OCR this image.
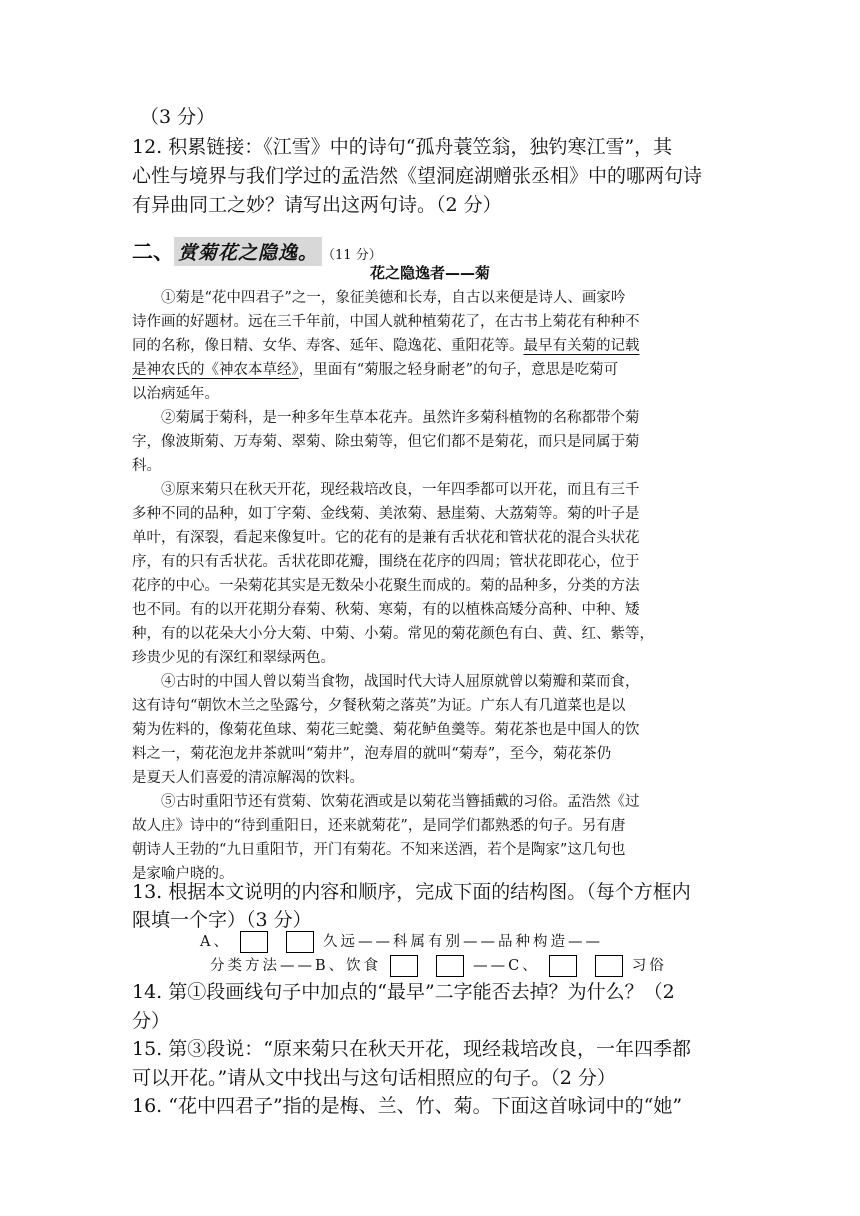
（3 分）
12. 积累链接：《江雪》中的诗句“孤舟蓑笠翁，独钓寒江雪”，其
心性与境界与我们学过的孟浩然《望洞庭湖赠张丞相》中的哪两句诗
有异曲同工之妙？请写出这两句诗。（2 分）
二、 赏菊花之隐逸。 （11 分）
花之隐逸者——菊
①菊是“花中四君子”之一，象征美德和长寿，自古以来便是诗人、画家吟
诗作画的好题材。远在三千年前，中国人就种植菊花了，在古书上菊花有种种不
同的名称，像日精、女华、寿客、延年、隐逸花、重阳花等。最早有关菊的记载
是神农氏的《神农本草经》，里面有“菊服之轻身耐老”的句子，意思是吃菊可
以治病延年。
②菊属于菊科，是一种多年生草本花卉。虽然许多菊科植物的名称都带个菊
字，像波斯菊、万寿菊、翠菊、除虫菊等，但它们都不是菊花，而只是同属于菊
科。
③原来菊只在秋天开花，现经栽培改良，一年四季都可以开花，而且有三千
多种不同的品种，如丁字菊、金线菊、美浓菊、悬崖菊、大荔菊等。菊的叶子是
单叶，有深裂，看起来像复叶。它的花有的是兼有舌状花和管状花的混合头状花
序，有的只有舌状花。舌状花即花瓣，围绕在花序的四周；管状花即花心，位于
花序的中心。一朵菊花其实是无数朵小花聚生而成的。菊的品种多，分类的方法
也不同。有的以开花期分春菊、秋菊、寒菊，有的以植株高矮分高种、中种、矮
种，有的以花朵大小分大菊、中菊、小菊。常见的菊花颜色有白、黄、红、紫等，
珍贵少见的有深红和翠绿两色。
④古时的中国人曾以菊当食物，战国时代大诗人屈原就曾以菊瓣和菜而食，
这有诗句“朝饮木兰之坠露兮，夕餐秋菊之落英”为证。广东人有几道菜也是以
菊为佐料的，像菊花鱼球、菊花三蛇羹、菊花鲈鱼羹等。菊花茶也是中国人的饮
料之一，菊花泡龙井茶就叫“菊井”，泡寿眉的就叫“菊寿”，至今，菊花茶仍
是夏天人们喜爱的清凉解渴的饮料。
⑤古时重阳节还有赏菊、饮菊花酒或是以菊花当簪插戴的习俗。孟浩然《过
故人庄》诗中的“待到重阳日，还来就菊花”，是同学们都熟悉的句子。另有唐
朝诗人王勃的“九日重阳节，开门有菊花。不知来送酒，若个是陶家”这几句也
是家喻户晓的。
13. 根据本文说明的内容和顺序，完成下面的结构图。（每个方框内
限填一个字）（3 分）
A、	久远——科属有别——品种构造——
分类方法——B、饮食	——C、	习俗
14. 第①段画线句子中加点的“最早”二字能否去掉？为什么？（2
分）
15. 第③段说：“原来菊只在秋天开花，现经栽培改良，一年四季都
可以开花。”请从文中找出与这句话相照应的句子。（2 分）
16. “花中四君子”指的是梅、兰、竹、菊。下面这首咏词中的“她”
